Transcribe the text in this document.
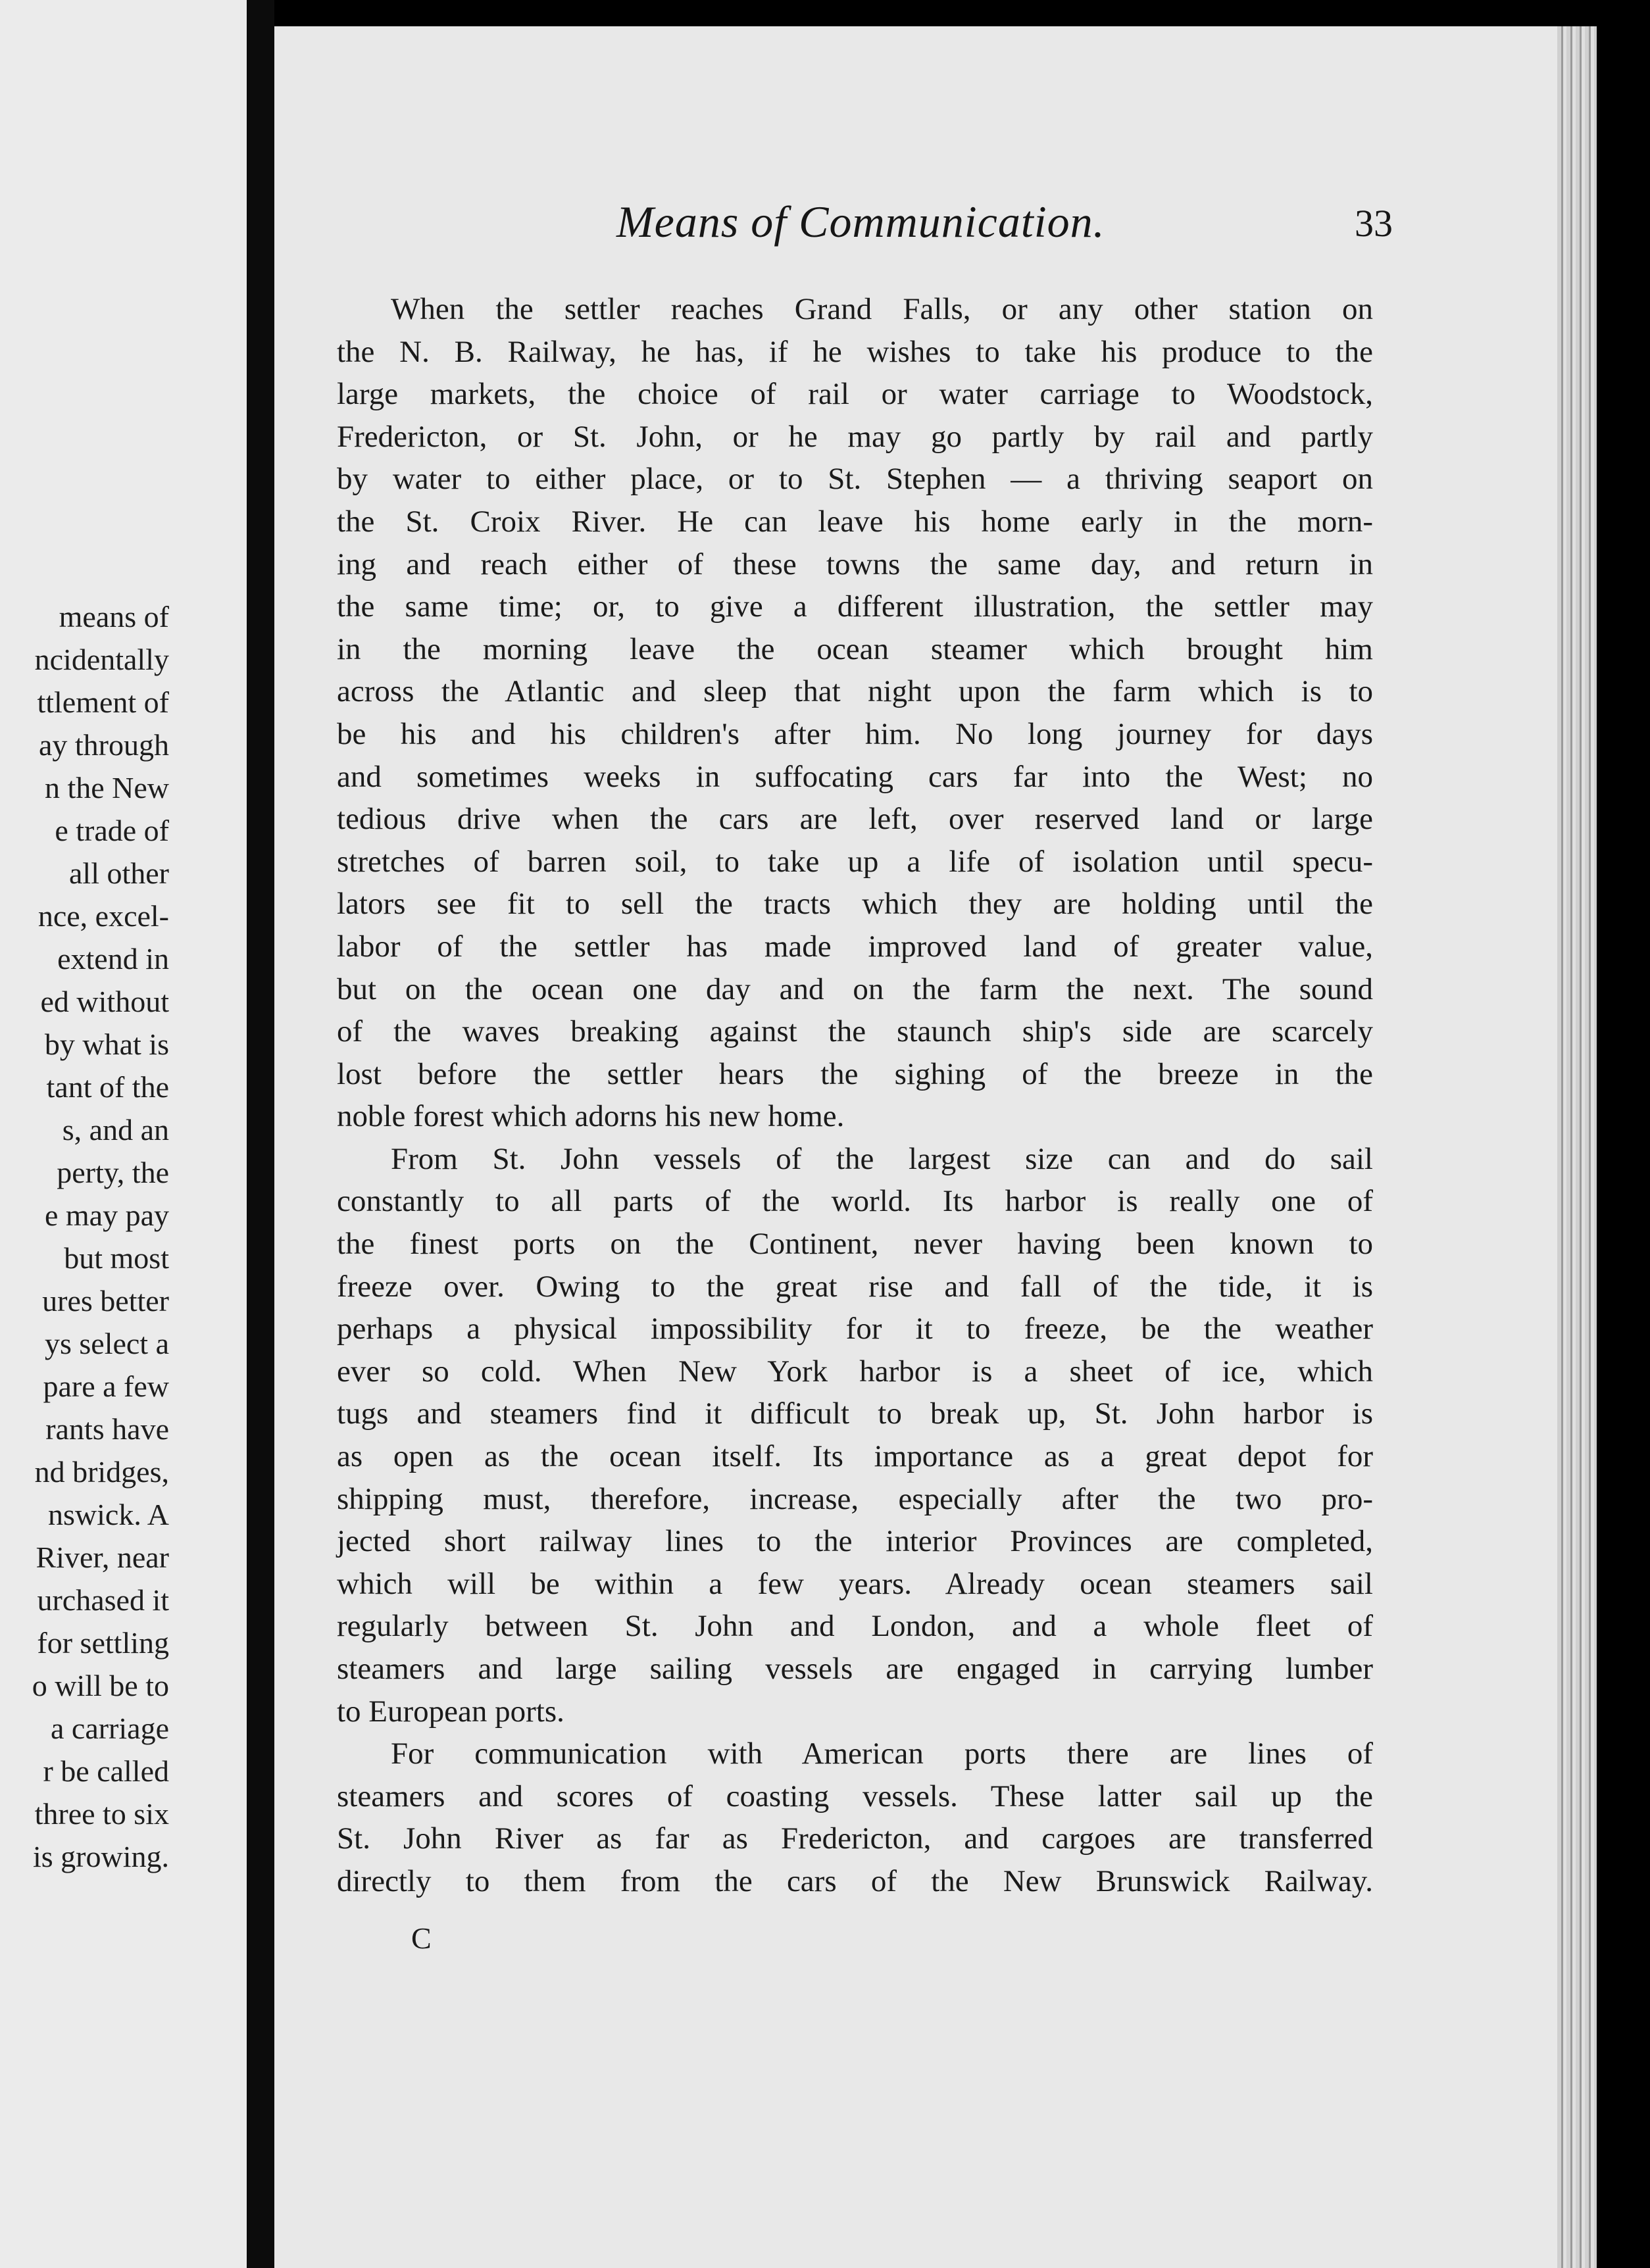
means of
ncidentally
ttlement of
ay through
n the New
e trade of
all other
nce, excel-
extend in
ed without
by what is
tant of the
s, and an
perty, the
e may pay
but most
ures better
ys select a
pare a few
rants have
nd bridges,
nswick. A
River, near
urchased it
for settling
o will be to
a carriage
r be called
three to six
is growing.
Means of Communication.	33
When the settler reaches Grand Falls, or any other station on
the N. B. Railway, he has, if he wishes to take his produce to the
large markets, the choice of rail or water carriage to Woodstock,
Fredericton, or St. John, or he may go partly by rail and partly
by water to either place, or to St. Stephen — a thriving seaport on
the St. Croix River. He can leave his home early in the morn-
ing and reach either of these towns the same day, and return in
the same time; or, to give a different illustration, the settler may
in the morning leave the ocean steamer which brought him
across the Atlantic and sleep that night upon the farm which is to
be his and his children's after him. No long journey for days
and sometimes weeks in suffocating cars far into the West; no
tedious drive when the cars are left, over reserved land or large
stretches of barren soil, to take up a life of isolation until specu-
lators see fit to sell the tracts which they are holding until the
labor of the settler has made improved land of greater value,
but on the ocean one day and on the farm the next. The sound
of the waves breaking against the staunch ship's side are scarcely
lost before the settler hears the sighing of the breeze in the
noble forest which adorns his new home.
From St. John vessels of the largest size can and do sail
constantly to all parts of the world. Its harbor is really one of
the finest ports on the Continent, never having been known to
freeze over. Owing to the great rise and fall of the tide, it is
perhaps a physical impossibility for it to freeze, be the weather
ever so cold. When New York harbor is a sheet of ice, which
tugs and steamers find it difficult to break up, St. John harbor is
as open as the ocean itself. Its importance as a great depot for
shipping must, therefore, increase, especially after the two pro-
jected short railway lines to the interior Provinces are completed,
which will be within a few years. Already ocean steamers sail
regularly between St. John and London, and a whole fleet of
steamers and large sailing vessels are engaged in carrying lumber
to European ports.
For communication with American ports there are lines of
steamers and scores of coasting vessels. These latter sail up the
St. John River as far as Fredericton, and cargoes are transferred
directly to them from the cars of the New Brunswick Railway.
C
